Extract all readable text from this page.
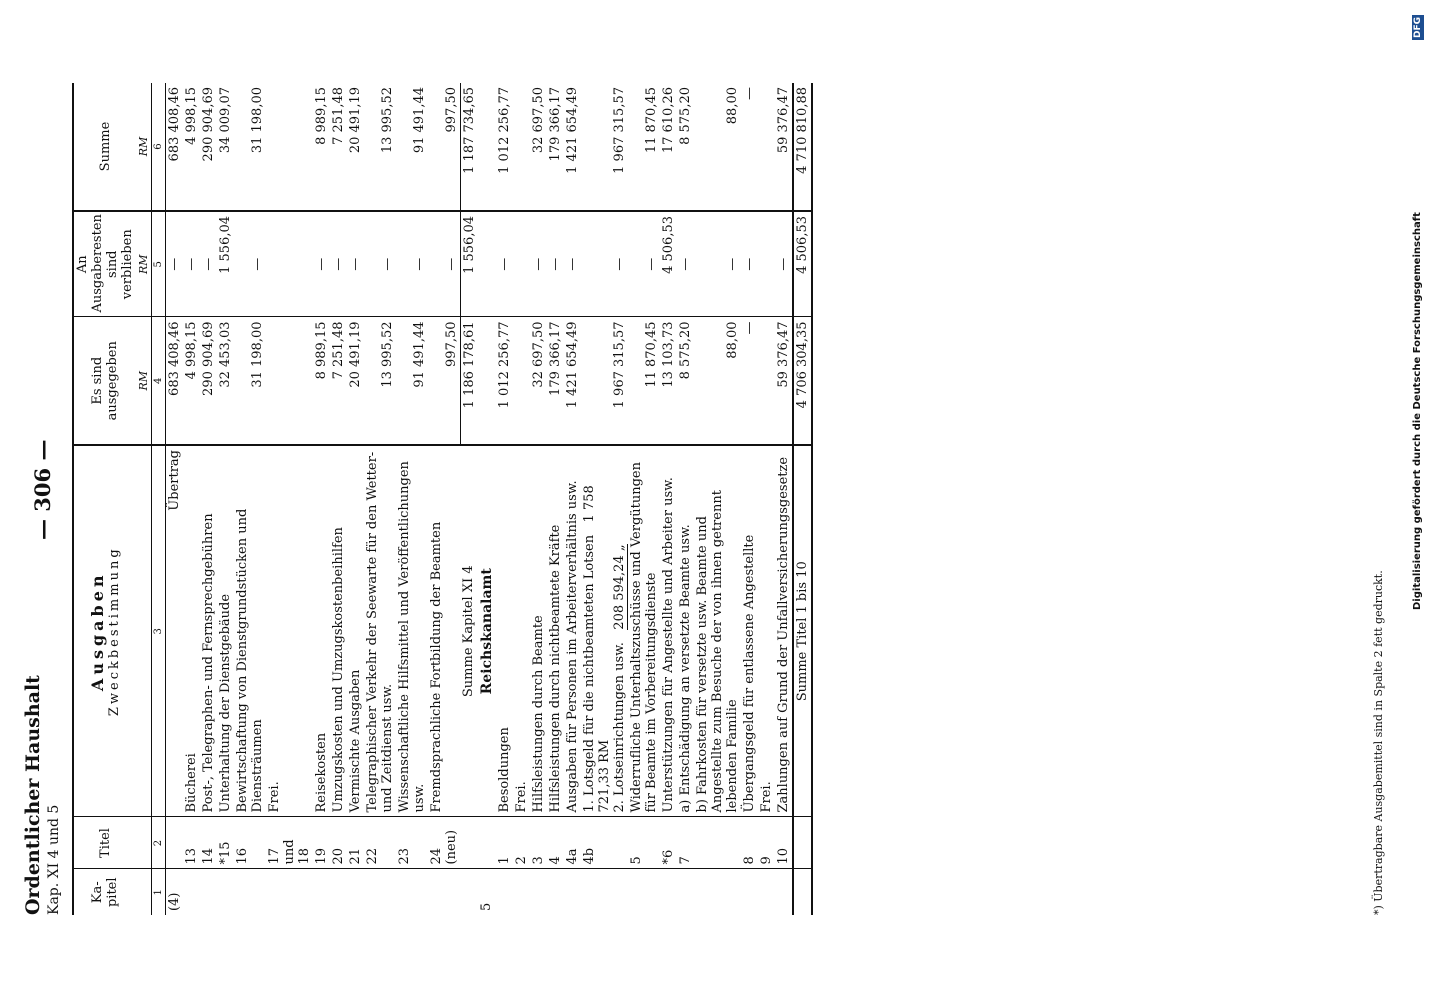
Ordentlicher Haushalt Kap. XI 4 und 5
— 306 —
Ka-pitel	Titel	Ausgaben Zweckbestimmung	Es sind ausgegeben	An Ausgaberesten sind verblieben	Summe
			RM	RM	RM
1	2	3	4	5	6
(4)		Übertrag	683 408,46	—	683 408,46
	13	Bücherei	4 998,15	—	4 998,15
	14	Post-, Telegraphen- und Fernsprechgebühren	290 904,69	—	290 904,69
	*15	Unterhaltung der Dienstgebäude	32 453,03	1 556,04	34 009,07
	16	Bewirtschaftung von Dienstgrundstücken und Diensträumen	31 198,00	—	31 198,00
	17 und 18	Frei.			
	19	Reisekosten	8 989,15	—	8 989,15
	20	Umzugskosten und Umzugskostenbeihilfen	7 251,48	—	7 251,48
	21	Vermischte Ausgaben	20 491,19	—	20 491,19
	22	Telegraphischer Verkehr der Seewarte für den Wetter- und Zeitdienst usw.	13 995,52	—	13 995,52
	23	Wissenschaftliche Hilfsmittel und Veröffentlichungen usw.	91 491,44	—	91 491,44
	24 (neu)	Fremdsprachliche Fortbildung der Beamten	997,50	—	997,50
		Summe Kapitel XI 4	1 186 178,61	1 556,04	1 187 734,65
5		Reichskanalamt			
	1	Besoldungen	1 012 256,77	—	1 012 256,77
	2	Frei.			
	3	Hilfsleistungen durch Beamte	32 697,50	—	32 697,50
	4	Hilfsleistungen durch nichtbeamtete Kräfte	179 366,17	—	179 366,17
	4a	Ausgaben für Personen im Arbeiterverhältnis usw.	1 421 654,49	—	1 421 654,49
	4b	1. Lotsgeld für die nichtbeamteten Lotsen   1 758 721,33 RM 2. Lotseinrichtungen usw.   208 594,24 „	1 967 315,57	—	1 967 315,57
	5	Widerrufliche Unterhaltszuschüsse und Vergütungen für Beamte im Vorbereitungsdienste	11 870,45	—	11 870,45
	*6	Unterstützungen für Angestellte und Arbeiter usw.	13 103,73	4 506,53	17 610,26
	7	a) Entschädigung an versetzte Beamte usw.	8 575,20	—	8 575,20
		b) Fahrkosten für versetzte usw. Beamte und Angestellte zum Besuche der von ihnen getrennt lebenden Familie	88,00	—	88,00
	8	Übergangsgeld für entlassene Angestellte	—	—	—
	9	Frei.			
	10	Zahlungen auf Grund der Unfallversicherungsgesetze	59 376,47	—	59 376,47
		Summe Titel 1 bis 10	4 706 304,35	4 506,53	4 710 810,88
*) Übertragbare Ausgabemittel sind in Spalte 2 fett gedruckt.
Digitalisierung gefördert durch die Deutsche Forschungsgemeinschaft
DFG
